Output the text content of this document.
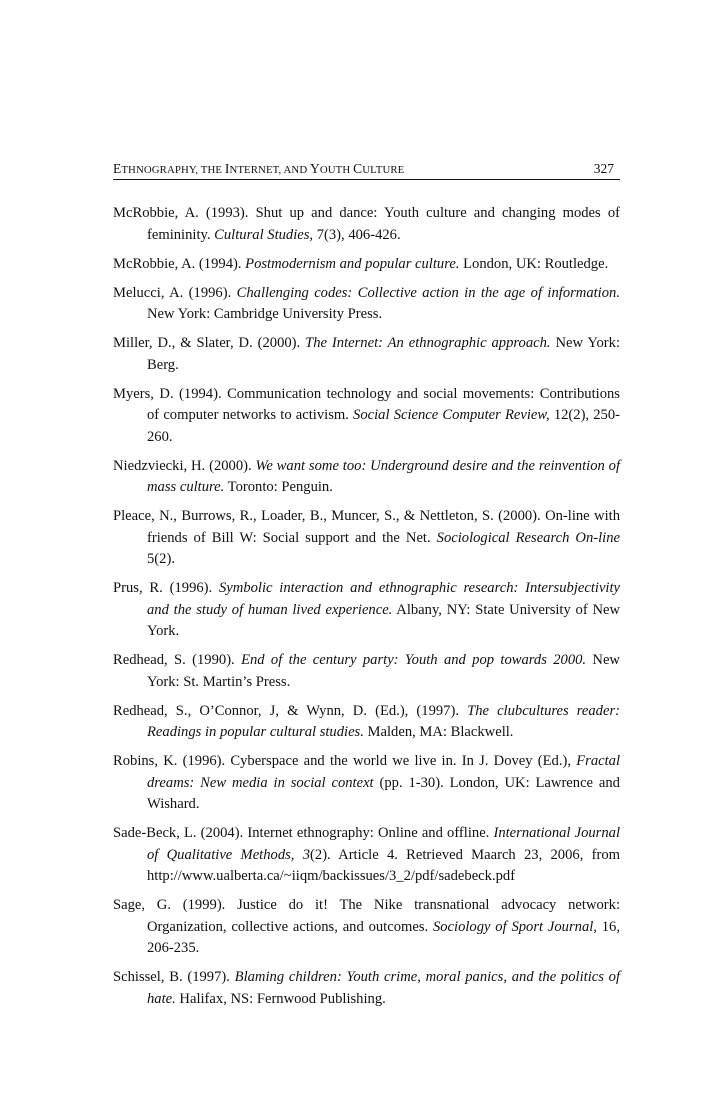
ETHNOGRAPHY, THE INTERNET, AND YOUTH CULTURE	327

McRobbie, A. (1993). Shut up and dance: Youth culture and changing modes of femininity. Cultural Studies, 7(3), 406-426.

McRobbie, A. (1994). Postmodernism and popular culture. London, UK: Routledge.

Melucci, A. (1996). Challenging codes: Collective action in the age of information. New York: Cambridge University Press.

Miller, D., & Slater, D. (2000). The Internet: An ethnographic approach. New York: Berg.

Myers, D. (1994). Communication technology and social movements: Contributions of computer networks to activism. Social Science Computer Review, 12(2), 250-260.

Niedzviecki, H. (2000). We want some too: Underground desire and the reinvention of mass culture. Toronto: Penguin.

Pleace, N., Burrows, R., Loader, B., Muncer, S., & Nettleton, S. (2000). On-line with friends of Bill W: Social support and the Net. Sociological Research On-line 5(2).

Prus, R. (1996). Symbolic interaction and ethnographic research: Intersubjectivity and the study of human lived experience. Albany, NY: State University of New York.

Redhead, S. (1990). End of the century party: Youth and pop towards 2000. New York: St. Martin’s Press.

Redhead, S., O’Connor, J, & Wynn, D. (Ed.), (1997). The clubcultures reader: Readings in popular cultural studies. Malden, MA: Blackwell.

Robins, K. (1996). Cyberspace and the world we live in. In J. Dovey (Ed.), Fractal dreams: New media in social context (pp. 1-30). London, UK: Lawrence and Wishard.

Sade-Beck, L. (2004). Internet ethnography: Online and offline. International Journal of Qualitative Methods, 3(2). Article 4. Retrieved Maarch 23, 2006, from http://www.ualberta.ca/~iiqm/backissues/3_2/pdf/sadebeck.pdf

Sage, G. (1999). Justice do it! The Nike transnational advocacy network: Organization, collective actions, and outcomes. Sociology of Sport Journal, 16, 206-235.

Schissel, B. (1997). Blaming children: Youth crime, moral panics, and the politics of hate. Halifax, NS: Fernwood Publishing.
